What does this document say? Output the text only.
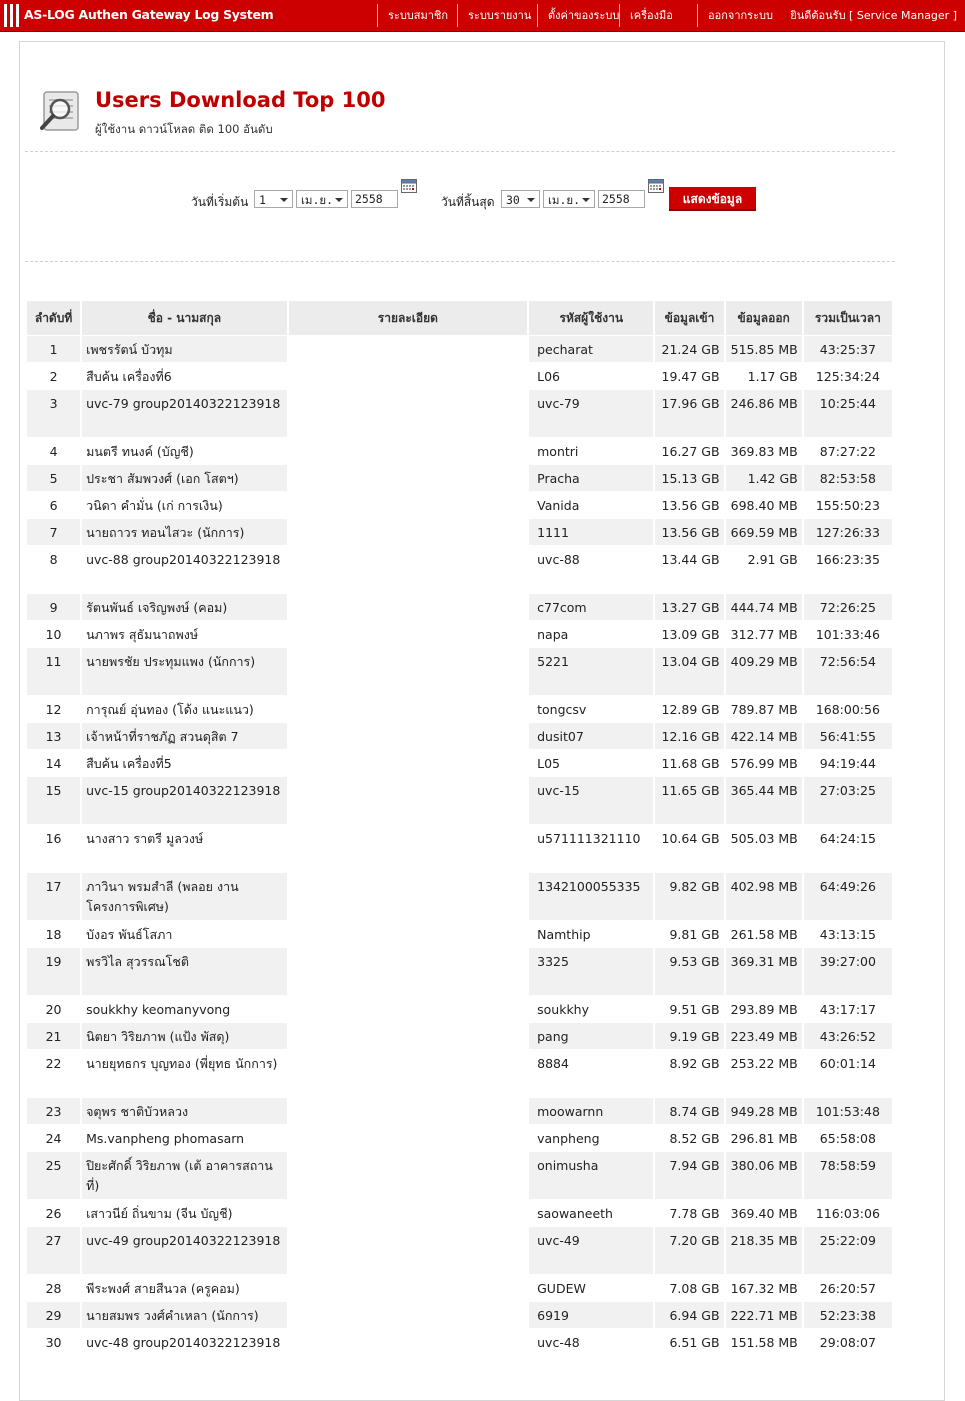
AS-LOG Authen Gateway Log System	ระบบสมาชิก	ระบบรายงาน	ตั้งค่าของระบบ เครื่องมือ	ออกจากระบบ	ยินดีต้อนรับ [ Service Manager ]
Users Download Top 100
ผู้ใช้งาน ดาวน์โหลด ติด 100 อันดับ
วันที่เริ่มต้น 1	เม.ย.	2558	วันที่สิ้นสุด	30	เม.ย.	2558	แสดงข้อมูล
ลำดับที่	ชื่อ - นามสกุล	รายละเอียด	รหัสผู้ใช้งาน	ข้อมูลเข้า	ข้อมูลออก	รวมเป็นเวลา
1	เพชรรัตน์ บัวทุม		pecharat	21.24 GB	515.85 MB	43:25:37
2	สืบค้น เครื่องที่6		L06	19.47 GB	1.17 GB	125:34:24
3	uvc-79 group20140322123918		uvc-79	17.96 GB	246.86 MB	10:25:44
4	มนตรี ทนงค์ (บัญชี)		montri	16.27 GB	369.83 MB	87:27:22
5	ประชา สัมพวงศ์ (เอก โสตฯ)		Pracha	15.13 GB	1.42 GB	82:53:58
6	วนิดา คำมั่น (เก่ การเงิน)		Vanida	13.56 GB	698.40 MB	155:50:23
7	นายถาวร ทอนไสวะ (นักการ)		1111	13.56 GB	669.59 MB	127:26:33
8	uvc-88 group20140322123918		uvc-88	13.44 GB	2.91 GB	166:23:35
9	รัตนพันธ์ เจริญพงษ์ (คอม)		c77com	13.27 GB	444.74 MB	72:26:25
10	นภาพร สุธัมนาถพงษ์		napa	13.09 GB	312.77 MB	101:33:46
11	นายพรชัย ประทุมแพง (นักการ)		5221	13.04 GB	409.29 MB	72:56:54
12	การุณย์ อุ่นทอง (โด้ง แนะแนว)		tongcsv	12.89 GB	789.87 MB	168:00:56
13	เจ้าหน้าที่ราชภัฏ สวนดุสิต 7		dusit07	12.16 GB	422.14 MB	56:41:55
14	สืบค้น เครื่องที่5		L05	11.68 GB	576.99 MB	94:19:44
15	uvc-15 group20140322123918		uvc-15	11.65 GB	365.44 MB	27:03:25
16	นางสาว ราตรี มูลวงษ์		u571111321110	10.64 GB	505.03 MB	64:24:15
17	ภาวินา พรมสำลี (พลอย งานโครงการพิเศษ)		1342100055335	9.82 GB	402.98 MB	64:49:26
18	บังอร พันธ์โสภา		Namthip	9.81 GB	261.58 MB	43:13:15
19	พรวิไล สุวรรณโชติ		3325	9.53 GB	369.31 MB	39:27:00
20	soukkhy keomanyvong		soukkhy	9.51 GB	293.89 MB	43:17:17
21	นิตยา วิริยภาพ (แป้ง พัสดุ)		pang	9.19 GB	223.49 MB	43:26:52
22	นายยุทธกร บุญทอง (พี่ยุทธ นักการ)		8884	8.92 GB	253.22 MB	60:01:14
23	จตุพร ชาติบัวหลวง		moowarnn	8.74 GB	949.28 MB	101:53:48
24	Ms.vanpheng phomasarn		vanpheng	8.52 GB	296.81 MB	65:58:08
25	ปิยะศักดิ์ วิริยภาพ (เต้ อาคารสถานที่)		onimusha	7.94 GB	380.06 MB	78:58:59
26	เสาวนีย์ ถิ่นขาม (จีน บัญชี)		saowaneeth	7.78 GB	369.40 MB	116:03:06
27	uvc-49 group20140322123918		uvc-49	7.20 GB	218.35 MB	25:22:09
28	พีระพงศ์ สายสีนวล (ครูคอม)		GUDEW	7.08 GB	167.32 MB	26:20:57
29	นายสมพร วงศ์คำเหลา (นักการ)		6919	6.94 GB	222.71 MB	52:23:38
30	uvc-48 group20140322123918		uvc-48	6.51 GB	151.58 MB	29:08:07
